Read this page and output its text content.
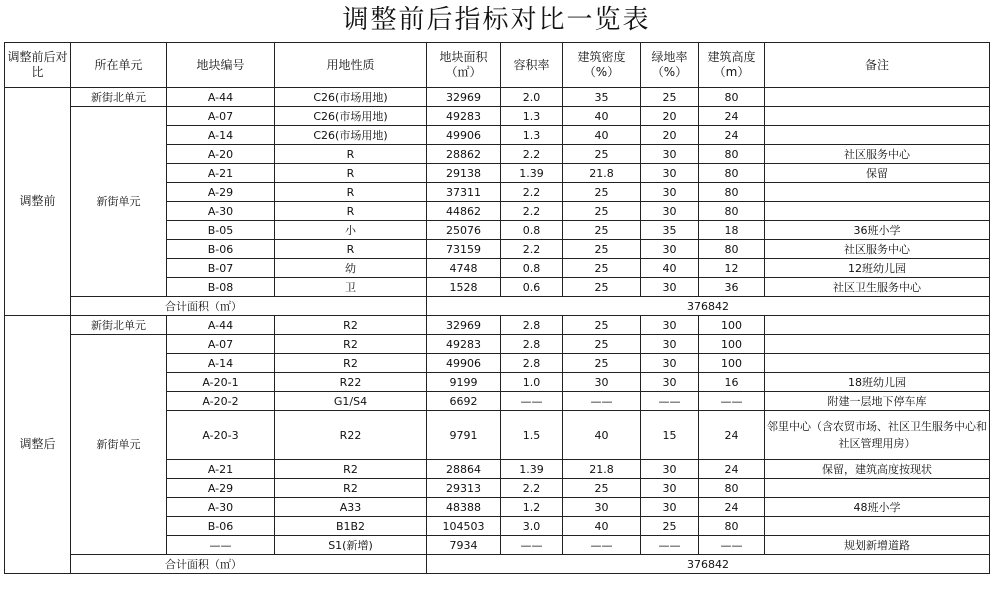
调整前后指标对比一览表
调整前后对比	所在单元	地块编号	用地性质	地块面积（㎡）	容积率	建筑密度（%）	绿地率（%）	建筑高度（m）	备注
调整前	新街北单元	A-44	C26(市场用地)	32969	2.0	35	25	80	
	新街单元	A-07	C26(市场用地)	49283	1.3	40	20	24	
		A-14	C26(市场用地)	49906	1.3	40	20	24	
		A-20	R	28862	2.2	25	30	80	社区服务中心
		A-21	R	29138	1.39	21.8	30	80	保留
		A-29	R	37311	2.2	25	30	80	
		A-30	R	44862	2.2	25	30	80	
		B-05	小	25076	0.8	25	35	18	36班小学
		B-06	R	73159	2.2	25	30	80	社区服务中心
		B-07	幼	4748	0.8	25	40	12	12班幼儿园
		B-08	卫	1528	0.6	25	30	36	社区卫生服务中心
	合计面积（㎡）			376842					
调整后	新街北单元	A-44	R2	32969	2.8	25	30	100	
	新街单元	A-07	R2	49283	2.8	25	30	100	
		A-14	R2	49906	2.8	25	30	100	
		A-20-1	R22	9199	1.0	30	30	16	18班幼儿园
		A-20-2	G1/S4	6692	——	——	——	——	附建一层地下停车库
		A-20-3	R22	9791	1.5	40	15	24	邻里中心（含农贸市场、社区卫生服务中心和社区管理用房）
		A-21	R2	28864	1.39	21.8	30	24	保留，建筑高度按现状
		A-29	R2	29313	2.2	25	30	80	
		A-30	A33	48388	1.2	30	30	24	48班小学
		B-06	B1B2	104503	3.0	40	25	80	
		——	S1(新增)	7934	——	——	——	——	规划新增道路
	合计面积（㎡）			376842					
